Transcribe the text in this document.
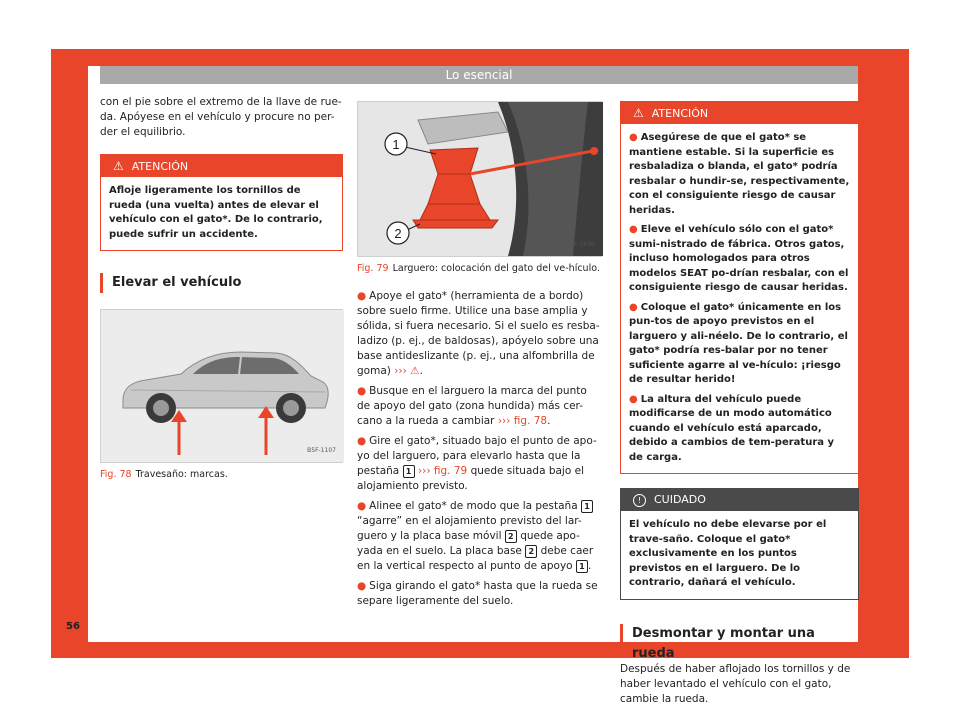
Lo esencial

con el pie sobre el extremo de la llave de rue-da. Apóyese en el vehículo y procure no per-der el equilibrio.

⚠ ATENCIÓN
Afloje ligeramente los tornillos de rueda (una vuelta) antes de elevar el vehículo con el gato*. De lo contrario, puede sufrir un accidente.
Elevar el vehículo
B5F-1107
Fig. 78 Travesaño: marcas.
1
2
B5F-1030
Fig. 79 Larguero: colocación del gato del ve-hículo.

● Apoye el gato* (herramienta de a bordo) sobre suelo firme. Utilice una base amplia y sólida, si fuera necesario. Si el suelo es resba-ladizo (p. ej., de baldosas), apóyelo sobre una base antideslizante (p. ej., una alfombrilla de goma) ››› ⚠.

● Busque en el larguero la marca del punto de apoyo del gato (zona hundida) más cer-cano a la rueda a cambiar ››› fig. 78.

● Gire el gato*, situado bajo el punto de apo-yo del larguero, para elevarlo hasta que la pestaña 1 ››› fig. 79 quede situada bajo el alojamiento previsto.

● Alinee el gato* de modo que la pestaña 1 “agarre” en el alojamiento previsto del lar-guero y la placa base móvil 2 quede apo-yada en el suelo. La placa base 2 debe caer en la vertical respecto al punto de apoyo 1 .

● Siga girando el gato* hasta que la rueda se separe ligeramente del suelo.

⚠ ATENCIÓN

● Asegúrese de que el gato* se mantiene estable. Si la superficie es resbaladiza o blanda, el gato* podría resbalar o hundir-se, respectivamente, con el consiguiente riesgo de causar heridas.

● Eleve el vehículo sólo con el gato* sumi-nistrado de fábrica. Otros gatos, incluso homologados para otros modelos SEAT po-drían resbalar, con el consiguiente riesgo de causar heridas.

● Coloque el gato* únicamente en los pun-tos de apoyo previstos en el larguero y ali-néelo. De lo contrario, el gato* podría res-balar por no tener suficiente agarre al ve-hículo: ¡riesgo de resultar herido!

● La altura del vehículo puede modificarse de un modo automático cuando el vehículo está aparcado, debido a cambios de tem-peratura y de carga.

! CUIDADO
El vehículo no debe elevarse por el trave-saño. Coloque el gato* exclusivamente en los puntos previstos en el larguero. De lo contrario, dañará el vehículo.
Desmontar y montar una rueda

Después de haber aflojado los tornillos y de haber levantado el vehículo con el gato, cambie la rueda.

56
